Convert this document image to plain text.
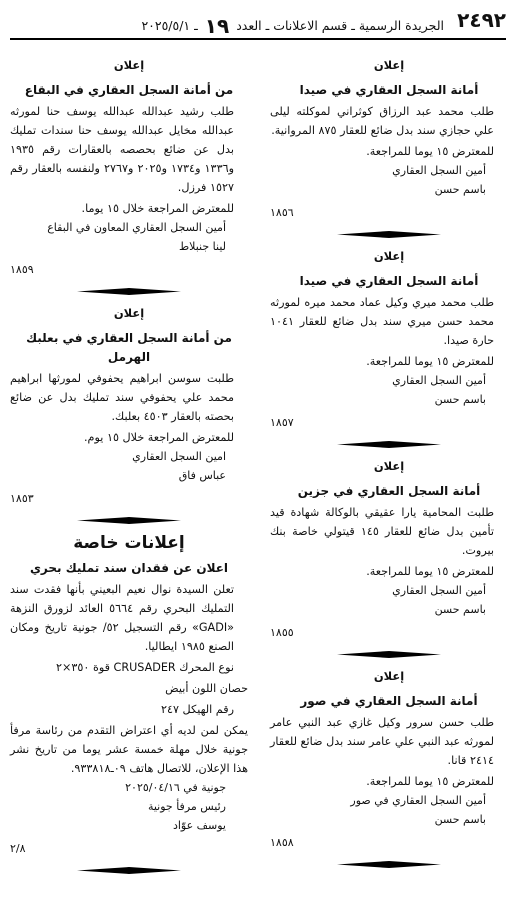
٢٤٩٢
الجريدة الرسمية ـ قسم الاعلانات ـ العدد ١٩ ـ ٢٠٢٥/٥/١
إعلان
أمانة السجل العقاري في صيدا

طلب محمد عبد الرزاق كوثراني لموكلته ليلى علي حجازي سند بدل ضائع للعقار ٨٧٥ المروانية.

للمعترض ١٥ يوما للمراجعة.

أمين السجل العقاري
باسم حسن
١٨٥٦
إعلان
أمانة السجل العقاري في صيدا

طلب محمد ميري وكيل عماد محمد ميره لمورثه محمد حسن ميري سند بدل ضائع للعقار ١٠٤١ حارة صيدا.

للمعترض ١٥ يوما للمراجعة.

أمين السجل العقاري
باسم حسن
١٨٥٧
إعلان
أمانة السجل العقاري في جزين

طلبت المحامية يارا عقيقي بالوكالة شهادة قيد تأمين بدل ضائع للعقار ١٤٥ قيتولي خاصة بنك بيروت.

للمعترض ١٥ يوما للمراجعة.

أمين السجل العقاري
باسم حسن
١٨٥٥
إعلان
أمانة السجل العقاري في صور

طلب حسن سرور وكيل غازي عبد النبي عامر لمورثه عبد النبي علي عامر سند بدل ضائع للعقار ٢٤١٤ قانا.

للمعترض ١٥ يوما للمراجعة.

أمين السجل العقاري في صور
باسم حسن
١٨٥٨
إعلان
من أمانة السجل العقاري في البقاع

طلب رشيد عبدالله عبدالله يوسف حنا لمورثه عبدالله مخايل عبدالله يوسف حنا سندات تمليك بدل عن ضائع بحصصه بالعقارات رقم ١٩٣٥ و١٣٣٦ و١٧٣٤ و٢٠٢٥ و٢٧٦٧ ولنفسه بالعقار رقم ١٥٢٧ فرزل.

للمعترض المراجعة خلال ١٥ يوما.

أمين السجل العقاري المعاون في البقاع
لينا جنبلاط
١٨٥٩
إعلان
من أمانة السجل العقاري في بعلبك الهرمل

طلبت سوسن ابراهيم يحفوفي لمورثها ابراهيم محمد علي يحفوفي سند تمليك بدل عن ضائع بحصته بالعقار ٤٥٠٣ بعلبك.

للمعترض المراجعة خلال ١٥ يوم.

امين السجل العقاري
عباس فاق
١٨٥٣
إعلانات خاصة
اعلان عن فقدان سند تمليك بحري

تعلن السيدة نوال نعيم البعيني بأنها فقدت سند التمليك البحري رقم ٥٦٦٤ العائد لزورق النزهة «GADI» رقم التسجيل ٥٢/ جونية تاريخ ومكان الصنع ١٩٨٥ ايطاليا.

نوع المحرك CRUSADER قوة ٣٥٠×٢

حصان اللون أبيض

رقم الهيكل ٢٤٧

يمكن لمن لديه أي اعتراض التقدم من رئاسة مرفأ جونية خلال مهلة خمسة عشر يوما من تاريخ نشر هذا الإعلان، للاتصال هاتف ٠٩ـ٩٣٣٨١٨.

جونية في ٢٠٢٥/٠٤/١٦
رئيس مرفأ جونية
يوسف عوّاد
٢/٨
